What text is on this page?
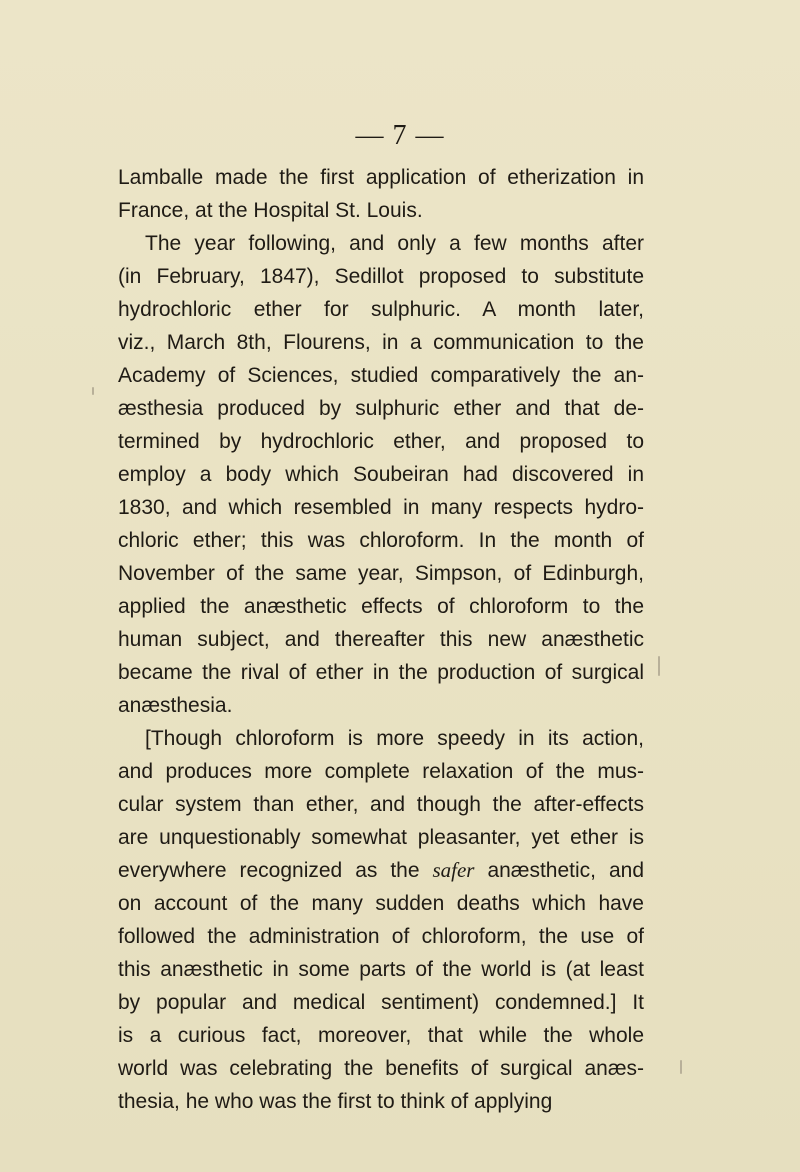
— 7 —
Lamballe made the first application of etherization in
France, at the Hospital St. Louis.
The year following, and only a few months after
(in February, 1847), Sedillot proposed to substitute
hydrochloric ether for sulphuric. A month later,
viz., March 8th, Flourens, in a communication to the
Academy of Sciences, studied comparatively the an-
æsthesia produced by sulphuric ether and that de-
termined by hydrochloric ether, and proposed to
employ a body which Soubeiran had discovered in
1830, and which resembled in many respects hydro-
chloric ether; this was chloroform. In the month of
November of the same year, Simpson, of Edinburgh,
applied the anæsthetic effects of chloroform to the
human subject, and thereafter this new anæsthetic
became the rival of ether in the production of surgical
anæsthesia.
[Though chloroform is more speedy in its action,
and produces more complete relaxation of the mus-
cular system than ether, and though the after-effects
are unquestionably somewhat pleasanter, yet ether is
everywhere recognized as the safer anæsthetic, and
on account of the many sudden deaths which have
followed the administration of chloroform, the use of
this anæsthetic in some parts of the world is (at least
by popular and medical sentiment) condemned.] It
is a curious fact, moreover, that while the whole
world was celebrating the benefits of surgical anæs-
thesia, he who was the first to think of applying
